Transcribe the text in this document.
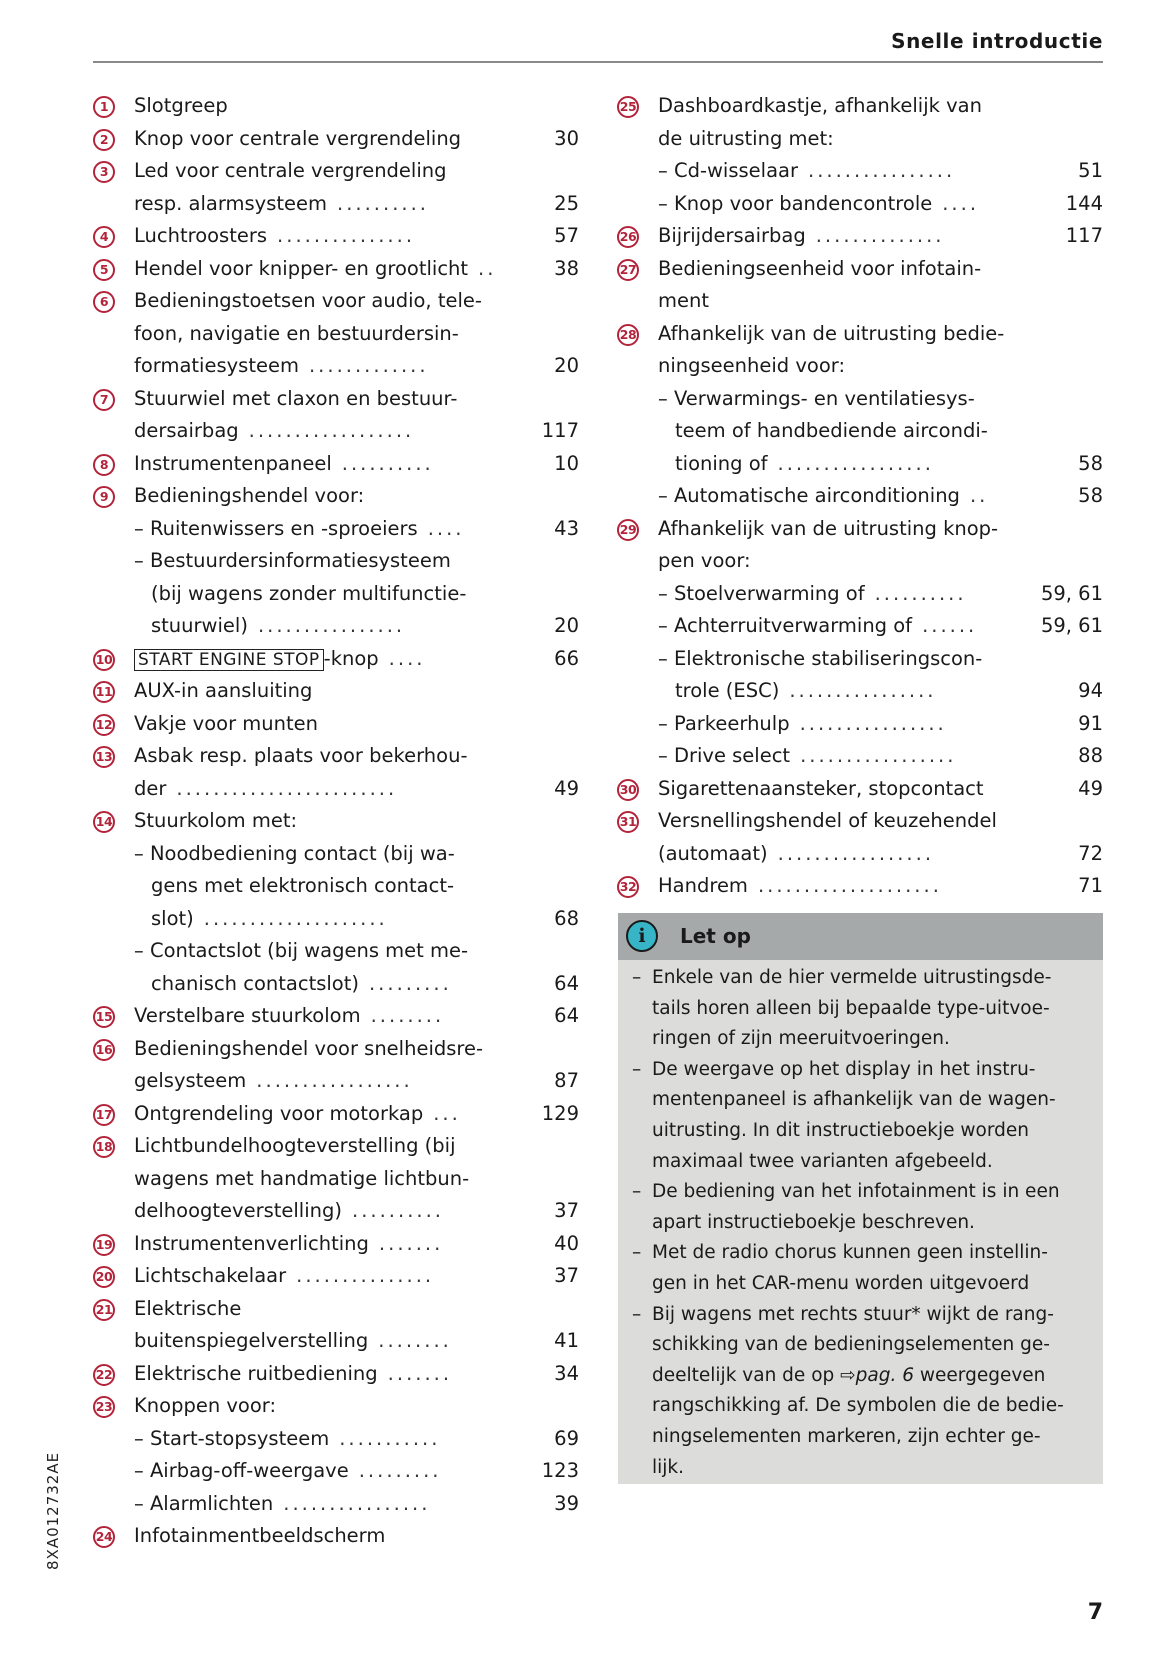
Snelle introductie
1	Slotgreep
2	Knop voor centrale vergrendeling	30
3	Led voor centrale vergrendeling
resp. alarmsysteem ..........	25
4	Luchtroosters ...............	57
5	Hendel voor knipper- en grootlicht ..	38
6	Bedieningstoetsen voor audio, tele-
foon, navigatie en bestuurdersin-
formatiesysteem .............	20
7	Stuurwiel met claxon en bestuur-
dersairbag ..................	117
8	Instrumentenpaneel ..........	10
9	Bedieningshendel voor:
– Ruitenwissers en -sproeiers ....	43
– Bestuurdersinformatiesysteem
(bij wagens zonder multifunctie-
stuurwiel) ................	20
10 START ENGINE STOP -knop ....	66
11 AUX-in aansluiting
12 Vakje voor munten
13 Asbak resp. plaats voor bekerhou-
der ........................	49
14 Stuurkolom met:
– Noodbediening contact (bij wa-
gens met elektronisch contact-
slot) ....................	68
– Contactslot (bij wagens met me-
chanisch contactslot) .........	64
15 Verstelbare stuurkolom ........	64
16 Bedieningshendel voor snelheidsre-
gelsysteem .................	87
17 Ontgrendeling voor motorkap ...	129
18 Lichtbundelhoogteverstelling (bij
wagens met handmatige lichtbun-
delhoogteverstelling) ..........	37
19 Instrumentenverlichting .......	40
20 Lichtschakelaar ...............	37
21 Elektrische
buitenspiegelverstelling ........	41
22 Elektrische ruitbediening .......	34
23 Knoppen voor:
– Start-stopsysteem ...........	69
– Airbag-off-weergave .........	123
– Alarmlichten ................	39
24 Infotainmentbeeldscherm
25 Dashboardkastje, afhankelijk van
de uitrusting met:
– Cd-wisselaar ................	51
– Knop voor bandencontrole ....	144
26 Bijrijdersairbag ..............	117
27 Bedieningseenheid voor infotain-
ment
28 Afhankelijk van de uitrusting bedie-
ningseenheid voor:
– Verwarmings- en ventilatiesys-
teem of handbediende aircondi-
tioning of .................	58
– Automatische airconditioning ..	58
29 Afhankelijk van de uitrusting knop-
pen voor:
– Stoelverwarming of ..........	59, 61
– Achterruitverwarming of ......	59, 61
– Elektronische stabiliseringscon-
trole (ESC) ................	94
– Parkeerhulp ................	91
– Drive select .................	88
30 Sigarettenaansteker, stopcontact	49
31 Versnellingshendel of keuzehendel
(automaat) .................	72
32 Handrem ....................	71
i	Let op
– Enkele van de hier vermelde uitrustingsde-
tails horen alleen bij bepaalde type-uitvoe-
ringen of zijn meeruitvoeringen.
– De weergave op het display in het instru-
mentenpaneel is afhankelijk van de wagen-
uitrusting. In dit instructieboekje worden
maximaal twee varianten afgebeeld.
– De bediening van het infotainment is in een
apart instructieboekje beschreven.
– Met de radio chorus kunnen geen instellin-
gen in het CAR-menu worden uitgevoerd
– Bij wagens met rechts stuur* wijkt de rang-
schikking van de bedieningselementen ge-
deeltelijk van de op ⇨pag. 6 weergegeven
rangschikking af. De symbolen die de bedie-
ningselementen markeren, zijn echter ge-
lijk.
8XA012732AE
7
